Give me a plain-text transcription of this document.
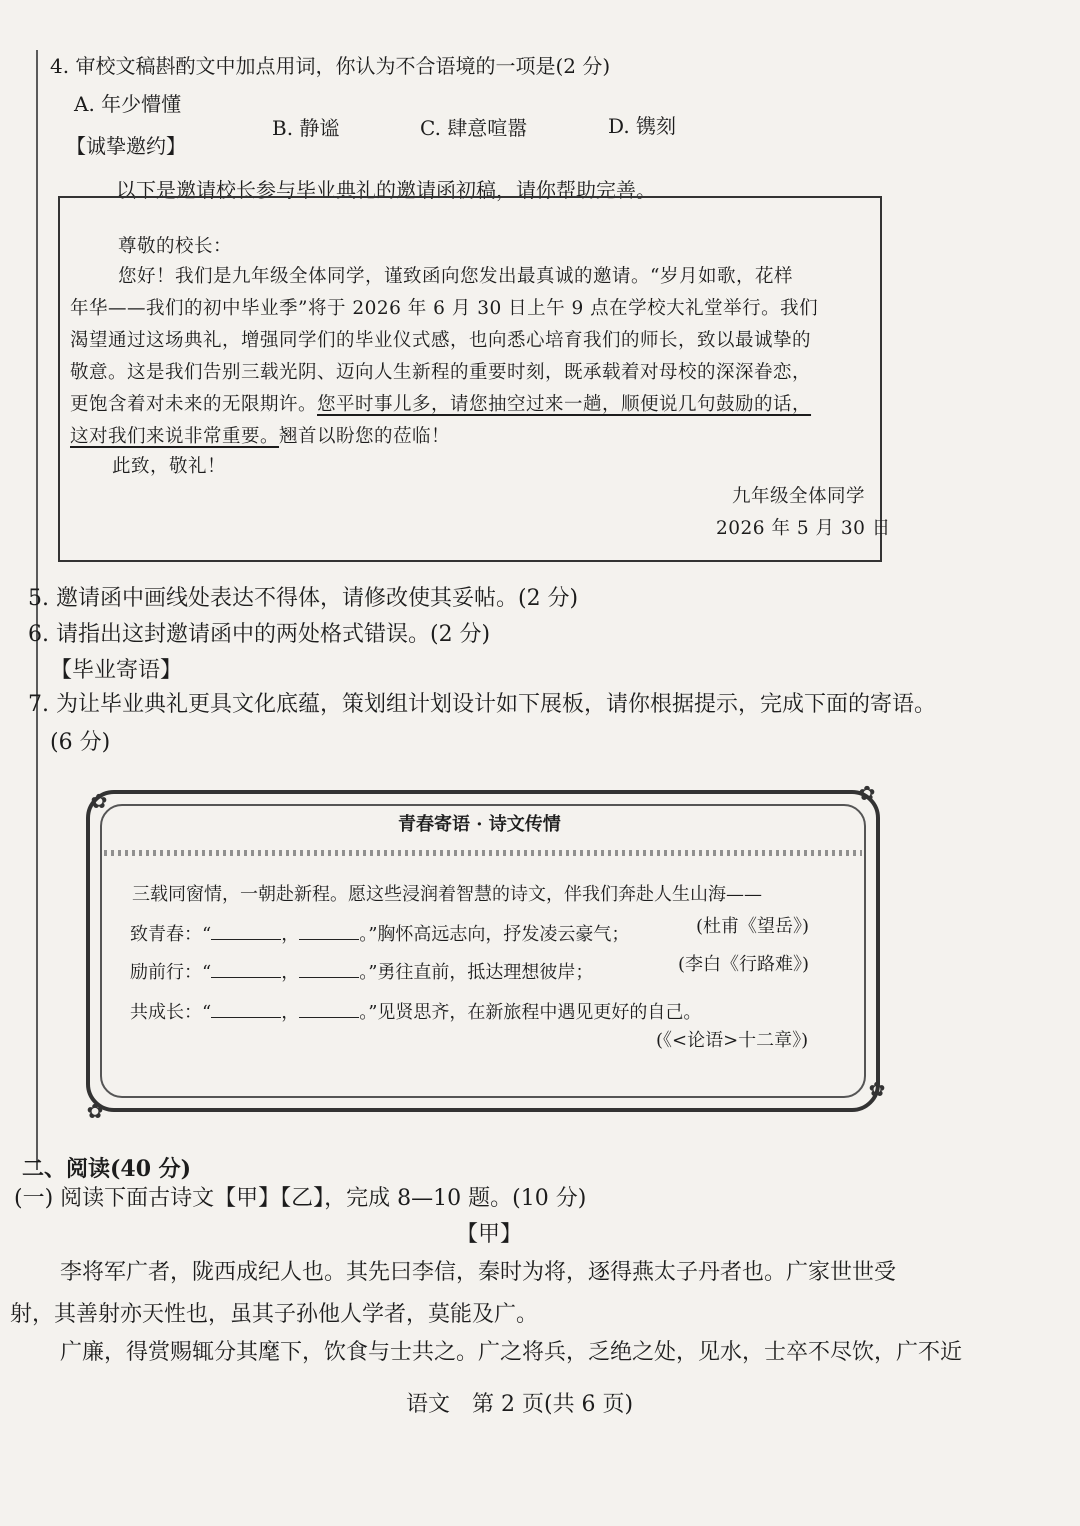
4. 审校文稿斟酌文中加点用词，你认为不合语境的一项是(2 分)
A. 年少懵懂
B. 静谧	C. 肆意喧嚣	D. 镌刻
【诚挚邀约】
以下是邀请校长参与毕业典礼的邀请函初稿，请你帮助完善。
尊敬的校长：
您好！我们是九年级全体同学，谨致函向您发出最真诚的邀请。“岁月如歌，花样
年华——我们的初中毕业季”将于 2026 年 6 月 30 日上午 9 点在学校大礼堂举行。我们
渴望通过这场典礼，增强同学们的毕业仪式感，也向悉心培育我们的师长，致以最诚挚的
敬意。这是我们告别三载光阴、迈向人生新程的重要时刻，既承载着对母校的深深眷恋，
更饱含着对未来的无限期许。您平时事儿多，请您抽空过来一趟，顺便说几句鼓励的话，
这对我们来说非常重要。翘首以盼您的莅临！
此致，敬礼！
九年级全体同学
2026 年 5 月 30 日
5. 邀请函中画线处表达不得体，请修改使其妥帖。(2 分)
6. 请指出这封邀请函中的两处格式错误。(2 分)
【毕业寄语】
7. 为让毕业典礼更具文化底蕴，策划组计划设计如下展板，请你根据提示，完成下面的寄语。
(6 分)
✿	✿
✿
✿
青春寄语 · 诗文传情
三载同窗情，一朝赴新程。愿这些浸润着智慧的诗文，伴我们奔赴人生山海——
致青春：“	，	。”胸怀高远志向，抒发凌云豪气；	(杜甫《望岳》)
励前行：“	，	。”勇往直前，抵达理想彼岸；	(李白《行路难》)
共成长：“	，	。”见贤思齐，在新旅程中遇见更好的自己。
(《<论语>十二章》)
二、阅读(40 分)
(一) 阅读下面古诗文【甲】【乙】，完成 8—10 题。(10 分)
【甲】
李将军广者，陇西成纪人也。其先曰李信，秦时为将，逐得燕太子丹者也。广家世世受
射，其善射亦天性也，虽其子孙他人学者，莫能及广。
广廉，得赏赐辄分其麾下，饮食与士共之。广之将兵，乏绝之处，见水，士卒不尽饮，广不近
语文　第 2 页(共 6 页)
